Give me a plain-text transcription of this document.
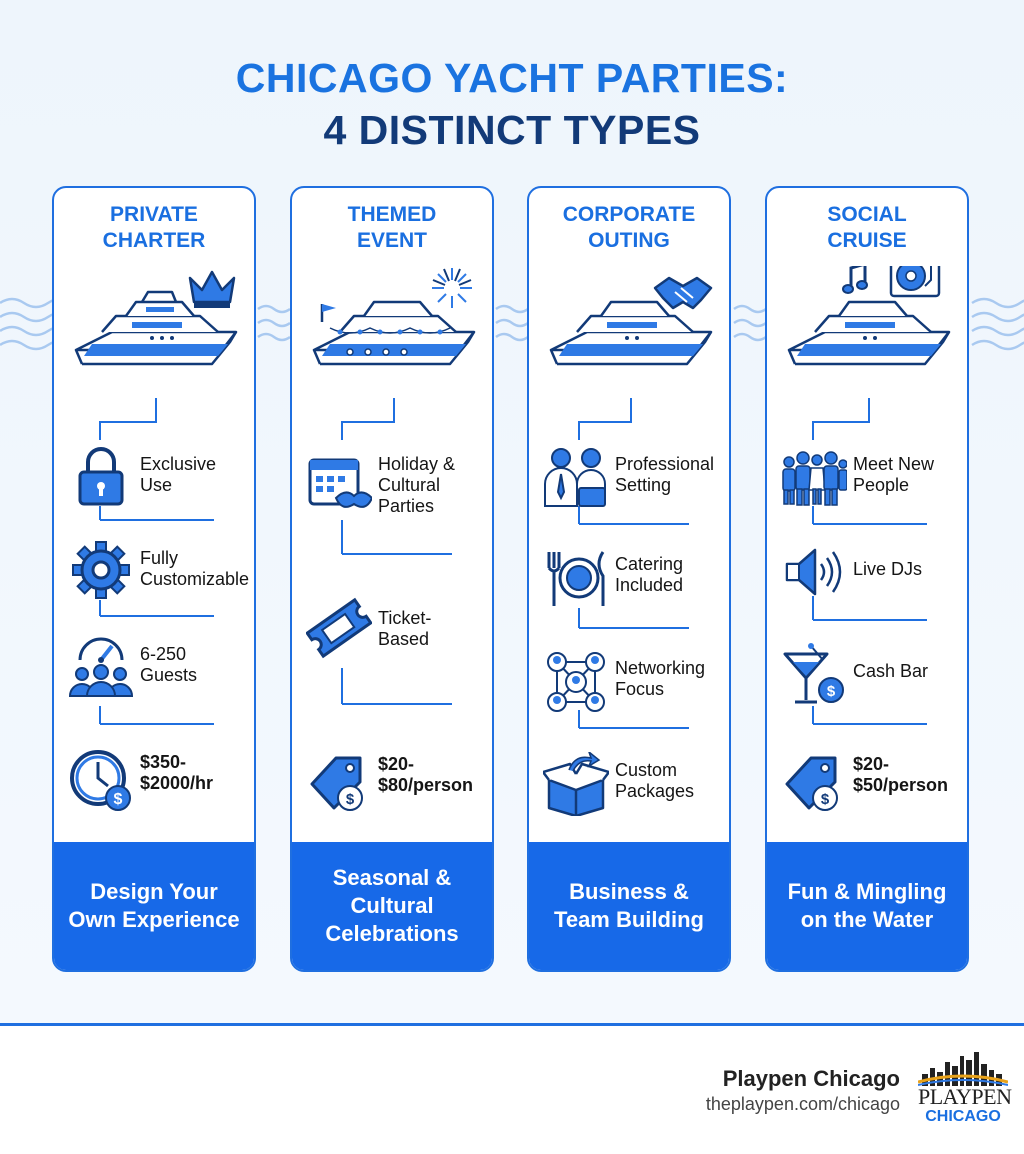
CHICAGO YACHT PARTIES:
4 DISTINCT TYPES
PRIVATE
CHARTER
Exclusive
Use
Fully
Customizable
6-250
Guests
$
$350-
$2000/hr
Design Your
Own Experience
THEMED
EVENT
Holiday &
Cultural
Parties
Ticket-
Based
$
$20-
$80/person
Seasonal &
Cultural
Celebrations
CORPORATE
OUTING
Professional
Setting
Catering
Included
Networking
Focus
Custom
Packages
Business &
Team Building
SOCIAL
CRUISE
Meet New
People
Live DJs
$
Cash Bar
$
$20-
$50/person
Fun & Mingling
on the Water
Playpen Chicago
theplaypen.com/chicago PLAYPEN
CHICAGO
